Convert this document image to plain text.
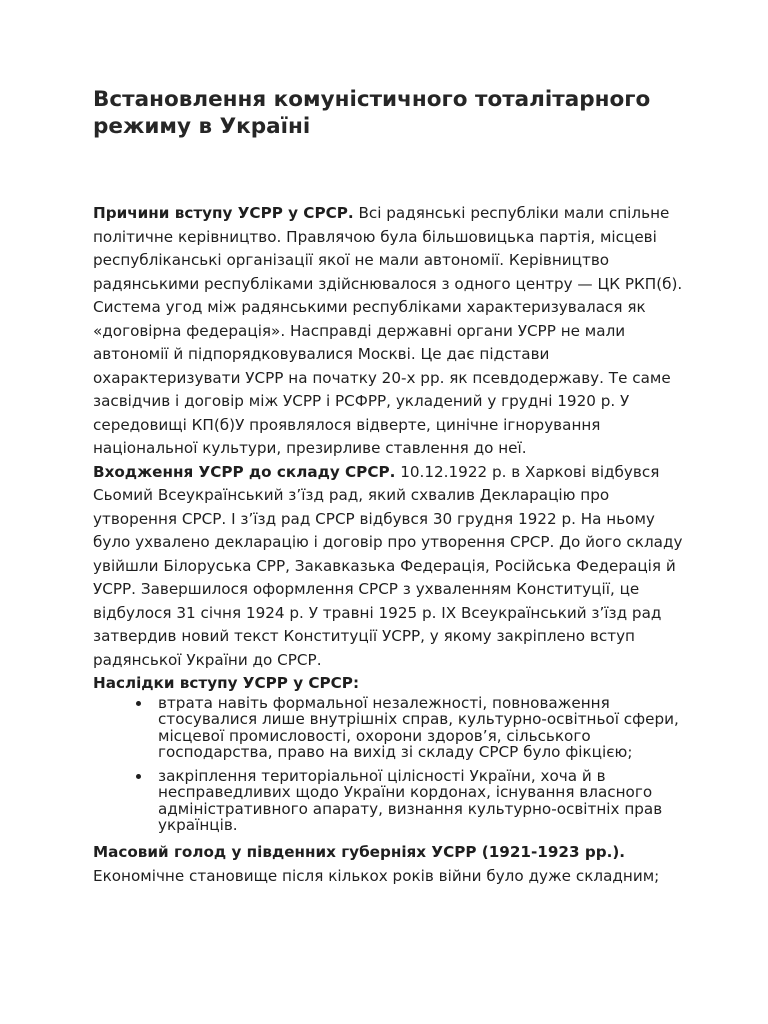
Встановлення комуністичного тоталітарного режиму в Україні

Причини вступу УСРР у СРСР. Всі радянські республіки мали спільне політичне керівництво. Правлячою була більшовицька партія, місцеві республіканські організації якої не мали автономії. Керівництво радянськими республіками здійснювалося з одного центру — ЦК РКП(б). Система угод між радянськими республіками характеризувалася як «договірна федерація». Насправді державні органи УСРР не мали автономії й підпорядковувалися Москві. Це дає підстави охарактеризувати УСРР на початку 20-х рр. як псевдодержаву. Те саме засвідчив і договір між УСРР і РСФРР, укладений у грудні 1920 р. У середовищі КП(б)У проявлялося відверте, цинічне ігнорування національної культури, презирливе ставлення до неї.

Входження УСРР до складу СРСР. 10.12.1922 р. в Харкові відбувся Сьомий Всеукраїнський з’їзд рад, який схвалив Декларацію про утворення СРСР. I з’їзд рад СРСР відбувся 30 грудня 1922 р. На ньому було ухвалено декларацію і договір про утворення СРСР. До його складу увійшли Білоруська СРР, Закавказька Федерація, Російська Федерація й УСРР. Завершилося оформлення СРСР з ухваленням Конституції, це відбулося 31 січня 1924 р. У травні 1925 р. IX Всеукраїнський з’їзд рад затвердив новий текст Конституції УСРР, у якому закріплено вступ радянської України до СРСР.

Наслідки вступу УСРР у СРСР:

втрата навіть формальної незалежності, повноваження стосувалися лише внутрішніх справ, культурно-освітньої сфери, місцевої промисловості, охорони здоров’я, сільського господарства, право на вихід зі складу СРСР було фікцією;
закріплення територіальної цілісності України, хоча й в несправедливих щодо України кордонах, існування власного адміністративного апарату, визнання культурно-освітніх прав українців.

Масовий голод у південних губерніях УСРР (1921-1923 рр.). Економічне становище після кількох років війни було дуже складним;
